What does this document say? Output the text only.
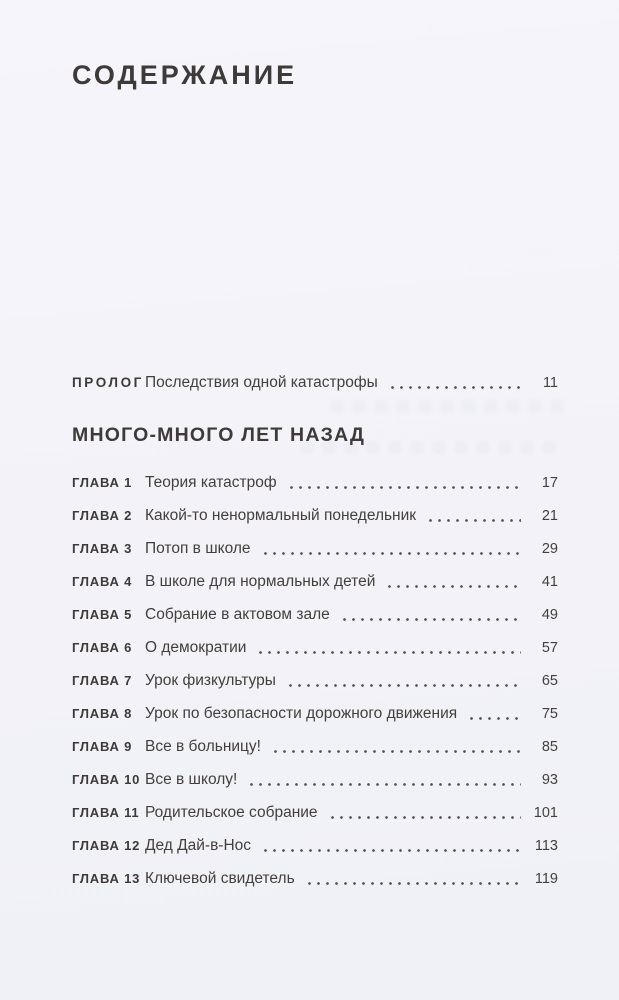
СОДЕРЖАНИЕ
ПРОЛОГ Последствия одной катастрофы	11
МНОГО-МНОГО ЛЕТ НАЗАД
ГЛАВА 1 Теория катастроф	17
ГЛАВА 2 Какой-то ненормальный понедельник	21
ГЛАВА 3 Потоп в школе	29
ГЛАВА 4 В школе для нормальных детей	41
ГЛАВА 5 Собрание в актовом зале	49
ГЛАВА 6 О демократии	57
ГЛАВА 7 Урок физкультуры	65
ГЛАВА 8 Урок по безопасности дорожного движения	75
ГЛАВА 9 Все в больницу!	85
ГЛАВА 10 Все в школу!	93
ГЛАВА 11 Родительское собрание	101
ГЛАВА 12 Дед Дай-в-Нос	113
ГЛАВА 13 Ключевой свидетель	119
